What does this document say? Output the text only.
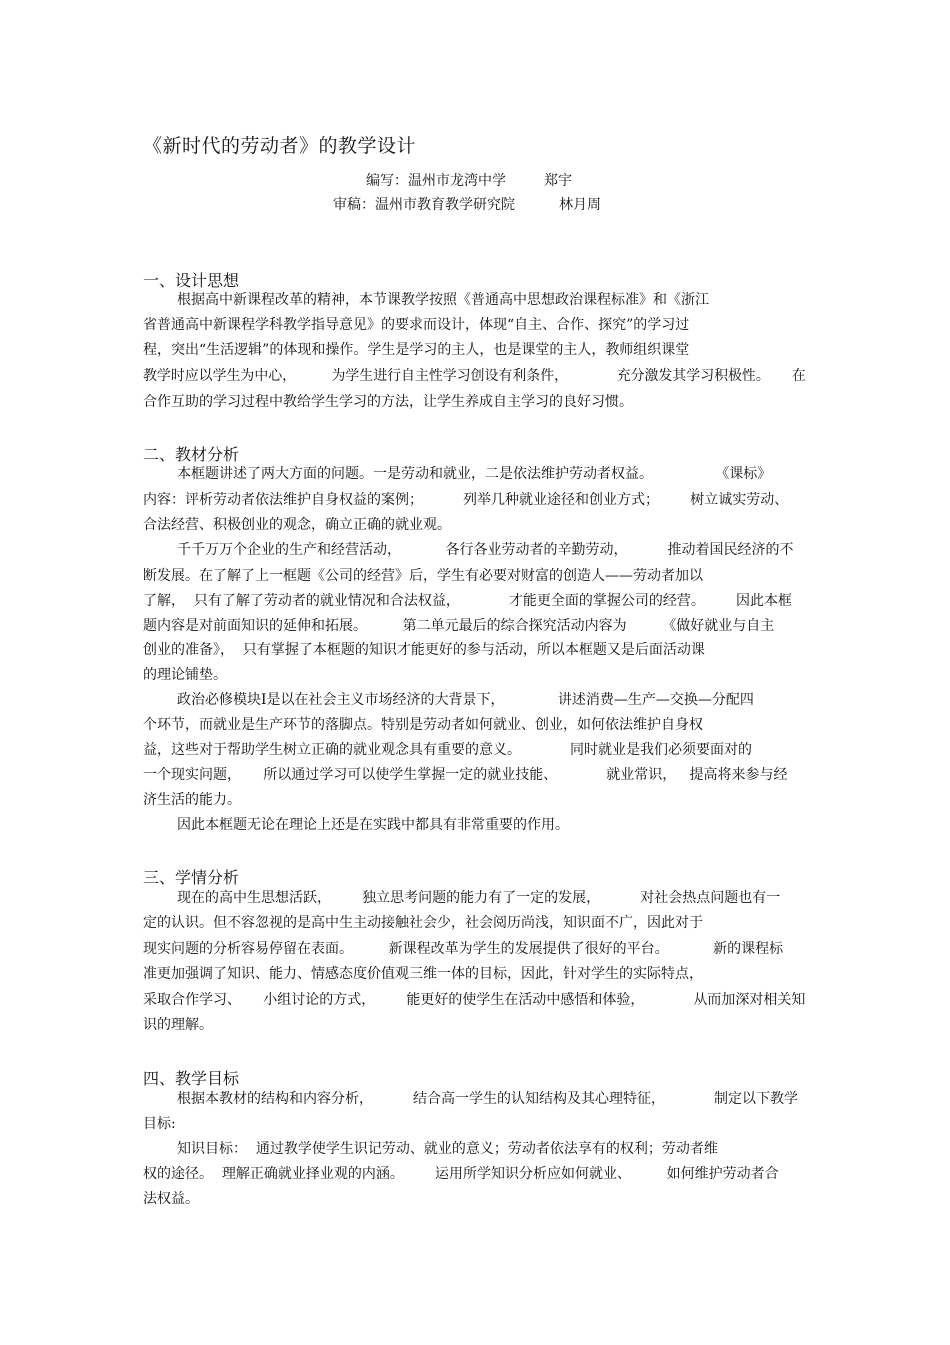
《新时代的劳动者》的教学设计
编写：温州市龙湾中学	郑宇
审稿：温州市教育教学研究院	林月周
一、设计思想
根据高中新课程改革的精神，本节课教学按照《普通高中思想政治课程标准》和《浙江
省普通高中新课程学科教学指导意见》的要求而设计，体现“自主、合作、探究”的学习过
程，突出“生活逻辑”的体现和操作。学生是学习的主人，也是课堂的主人，教师组织课堂
教学时应以学生为中心，        为学生进行自主性学习创设有利条件，           充分激发其学习积极性。     在
合作互助的学习过程中教给学生学习的方法，让学生养成自主学习的良好习惯。
二、教材分析
本框题讲述了两大方面的问题。一是劳动和就业，二是依法维护劳动者权益。              《课标》
内容：评析劳动者依法维护自身权益的案例；         列举几种就业途径和创业方式；       树立诚实劳动、
合法经营、积极创业的观念，确立正确的就业观。
千千万万个企业的生产和经营活动，          各行各业劳动者的辛勤劳动，         推动着国民经济的不
断发展。在了解了上一框题《公司的经营》后，学生有必要对财富的创造人——劳动者加以
了解，  只有了解了劳动者的就业情况和合法权益，           才能更全面的掌握公司的经营。       因此本框
题内容是对前面知识的延伸和拓展。        第二单元最后的综合探究活动内容为        《做好就业与自主
创业的准备》，  只有掌握了本框题的知识才能更好的参与活动，所以本框题又是后面活动课
的理论铺垫。
政治必修模块Ⅰ是以在社会主义市场经济的大背景下，            讲述消费—生产—交换—分配四
个环节，而就业是生产环节的落脚点。特别是劳动者如何就业、创业，如何依法维护自身权
益，这些对于帮助学生树立正确的就业观念具有重要的意义。           同时就业是我们必须要面对的
一个现实问题，     所以通过学习可以使学生掌握一定的就业技能、           就业常识，   提高将来参与经
济生活的能力。
因此本框题无论在理论上还是在实践中都具有非常重要的作用。
三、学情分析
现在的高中生思想活跃，       独立思考问题的能力有了一定的发展，         对社会热点问题也有一
定的认识。但不容忽视的是高中生主动接触社会少，社会阅历尚浅，知识面不广，因此对于
现实问题的分析容易停留在表面。        新课程改革为学生的发展提供了很好的平台。          新的课程标
准更加强调了知识、能力、情感态度价值观三维一体的目标，因此，针对学生的实际特点，
采取合作学习、     小组讨论的方式，       能更好的使学生在活动中感悟和体验，           从而加深对相关知
识的理解。
四、教学目标
根据本教材的结构和内容分析，         结合高一学生的认知结构及其心理特征，           制定以下教学
目标:
知识目标：  通过教学使学生识记劳动、就业的意义；劳动者依法享有的权利；劳动者维
权的途径。  理解正确就业择业观的内涵。       运用所学知识分析应如何就业、        如何维护劳动者合
法权益。
